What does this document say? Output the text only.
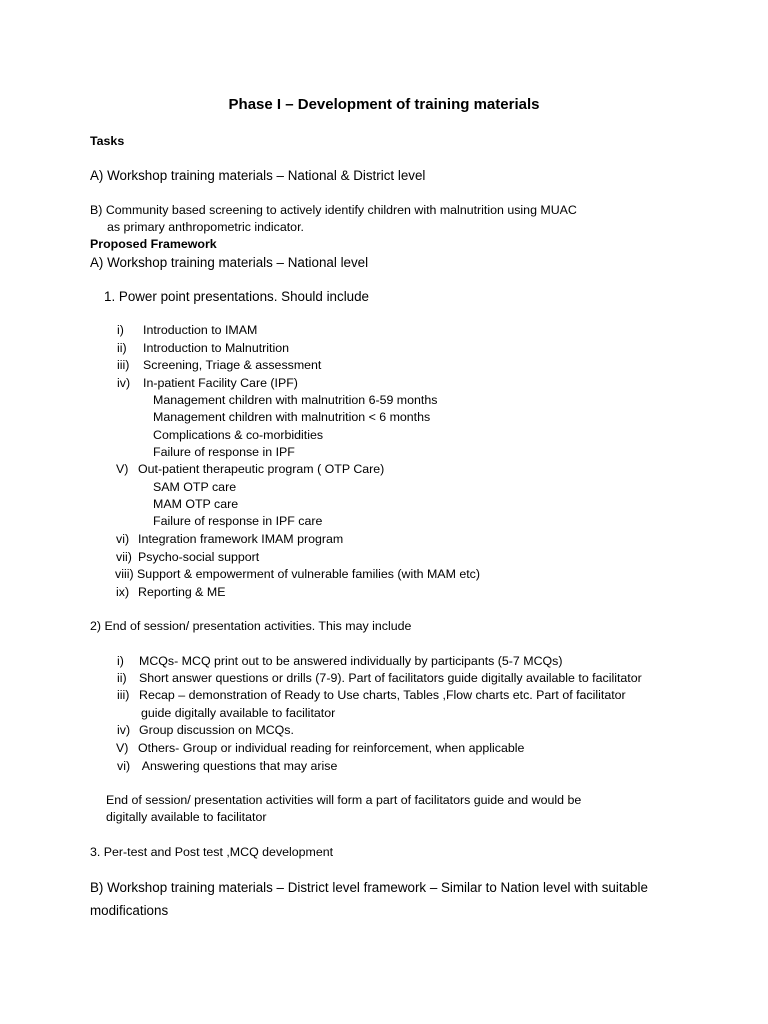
Phase I – Development of training materials

Tasks

A) Workshop training materials – National & District level

B) Community based screening to actively identify children with malnutrition using MUAC

as primary anthropometric indicator.

Proposed Framework

A) Workshop training materials – National level

1. Power point presentations. Should include

i) Introduction to IMAM

ii) Introduction to Malnutrition

iii) Screening, Triage & assessment

iv) In-patient Facility Care (IPF)

Management children with malnutrition 6-59 months

Management children with malnutrition < 6 months

Complications & co-morbidities

Failure of response in IPF

V) Out-patient therapeutic program ( OTP Care)

SAM OTP care

MAM OTP care

Failure of response in IPF care

vi) Integration framework IMAM program

vii) Psycho-social support

viii) Support & empowerment of vulnerable families (with MAM etc)

ix) Reporting & ME

2) End of session/ presentation activities. This may include

i) MCQs- MCQ print out to be answered individually by participants (5-7 MCQs)

ii) Short answer questions or drills (7-9). Part of facilitators guide digitally available to facilitator

iii) Recap – demonstration of Ready to Use charts, Tables ,Flow charts etc. Part of facilitator

guide digitally available to facilitator

iv) Group discussion on MCQs.

V) Others- Group or individual reading for reinforcement, when applicable

vi) Answering questions that may arise

End of session/ presentation activities will form a part of facilitators guide and would be

digitally available to facilitator

3. Per-test and Post test ,MCQ development

B) Workshop training materials – District level framework – Similar to Nation level with suitable

modifications
